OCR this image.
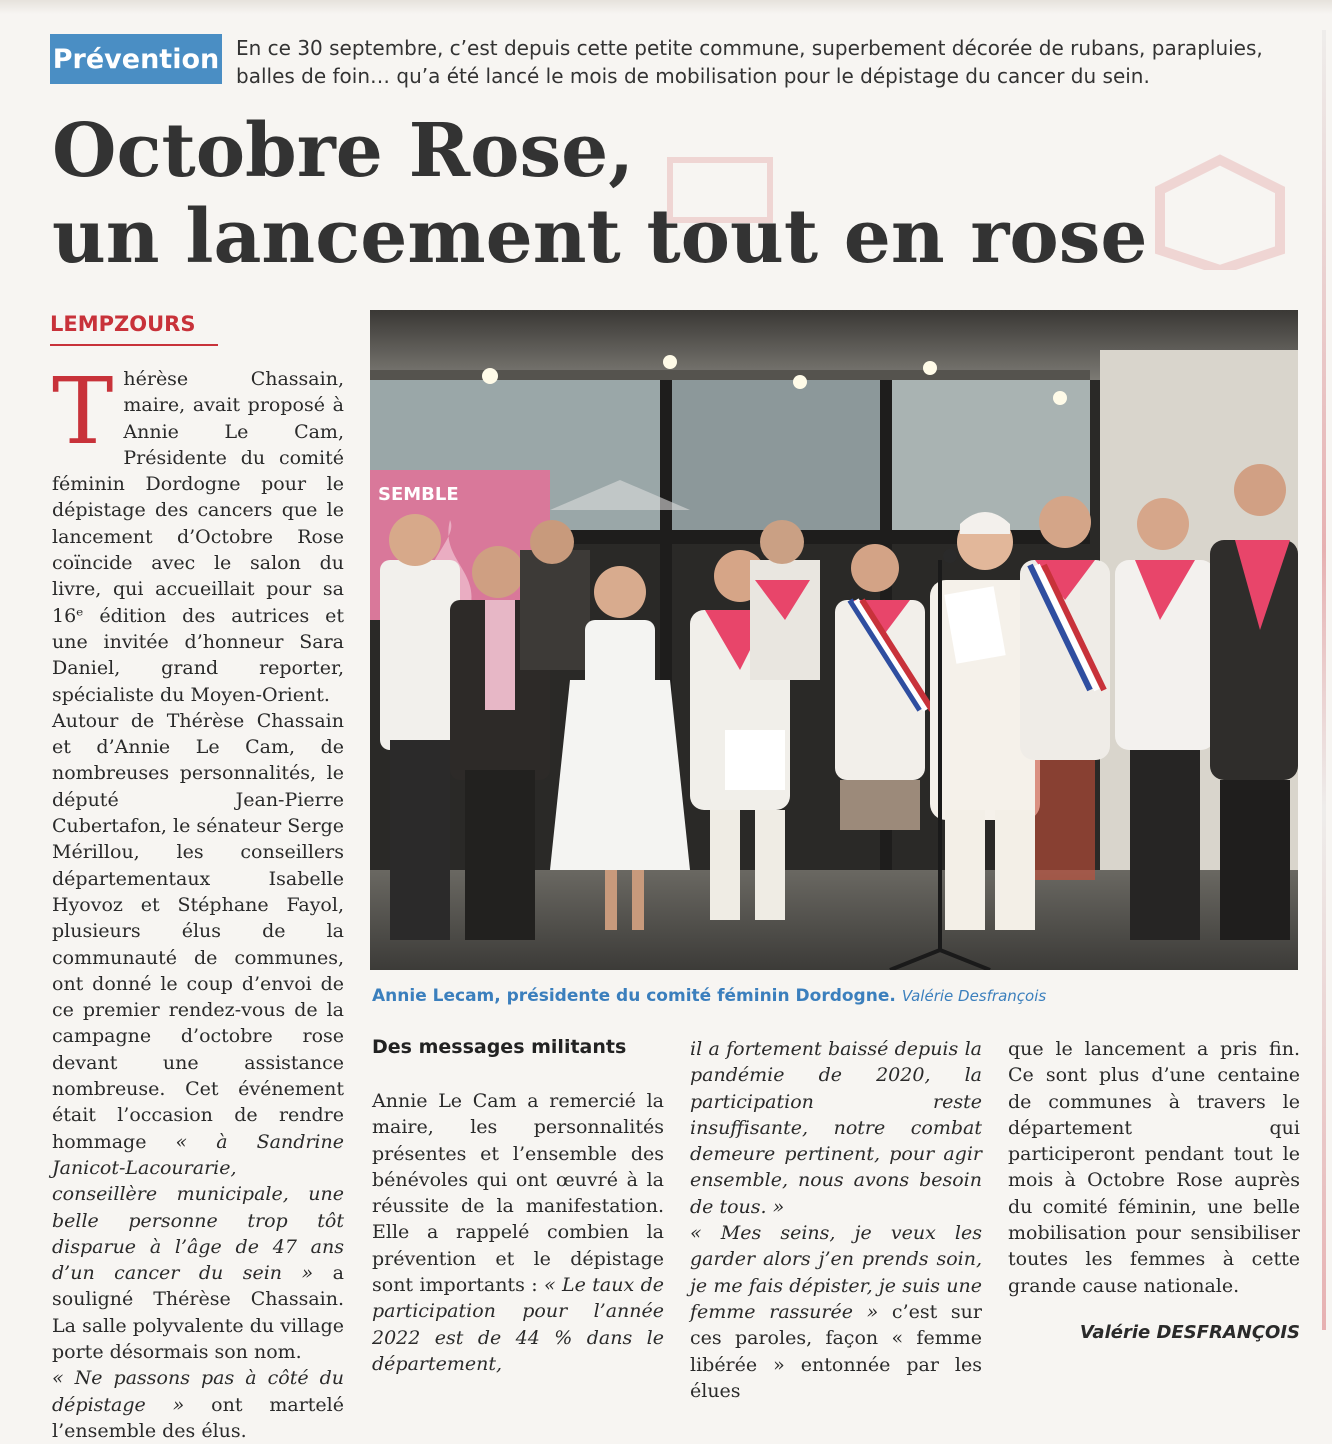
Prévention En ce 30 septembre, c’est depuis cette petite commune, superbement décorée de rubans, parapluies, balles de foin… qu’a été lancé le mois de mobilisation pour le dépistage du cancer du sein.

Octobre Rose,
un lancement tout en rose
LEMPZOURS

Thérèse Chassain, maire, avait proposé à Annie Le Cam, Présidente du comité féminin Dordogne pour le dépistage des cancers que le lancement d’Octobre Rose coïncide avec le salon du livre, qui accueillait pour sa 16ᵉ édition des autrices et une invitée d’honneur Sara Daniel, grand reporter, spécialiste du Moyen-Orient.

Autour de Thérèse Chassain et d’Annie Le Cam, de nombreuses personnalités, le député Jean-Pierre Cubertafon, le sénateur Serge Mérillou, les conseillers départementaux Isabelle Hyovoz et Stéphane Fayol, plusieurs élus de la communauté de communes, ont donné le coup d’envoi de ce premier rendez-vous de la campagne d’octobre rose devant une assistance nombreuse. Cet événement était l’occasion de rendre hommage « à Sandrine Janicot-Lacourarie, conseillère municipale, une belle personne trop tôt disparue à l’âge de 47 ans d’un cancer du sein » a souligné Thérèse Chassain. La salle polyvalente du village porte désormais son nom.

« Ne passons pas à côté du dépistage » ont martelé l’ensemble des élus.

SEMBLE
Annie Lecam, présidente du comité féminin Dordogne. Valérie Desfrançois
Des messages militants

Annie Le Cam a remercié la maire, les personnalités présentes et l’ensemble des bénévoles qui ont œuvré à la réussite de la manifestation. Elle a rappelé combien la prévention et le dépistage sont importants : « Le taux de participation pour l’année 2022 est de 44 % dans le département,

il a fortement baissé depuis la pandémie de 2020, la participation reste insuffisante, notre combat demeure pertinent, pour agir ensemble, nous avons besoin de tous. »
« Mes seins, je veux les garder alors j’en prends soin, je me fais dépister, je suis une femme rassurée » c’est sur ces paroles, façon « femme libérée » entonnée par les élues

que le lancement a pris fin. Ce sont plus d’une centaine de communes à travers le département qui participeront pendant tout le mois à Octobre Rose auprès du comité féminin, une belle mobilisation pour sensibiliser toutes les femmes à cette grande cause nationale.

Valérie DESFRANÇOIS
